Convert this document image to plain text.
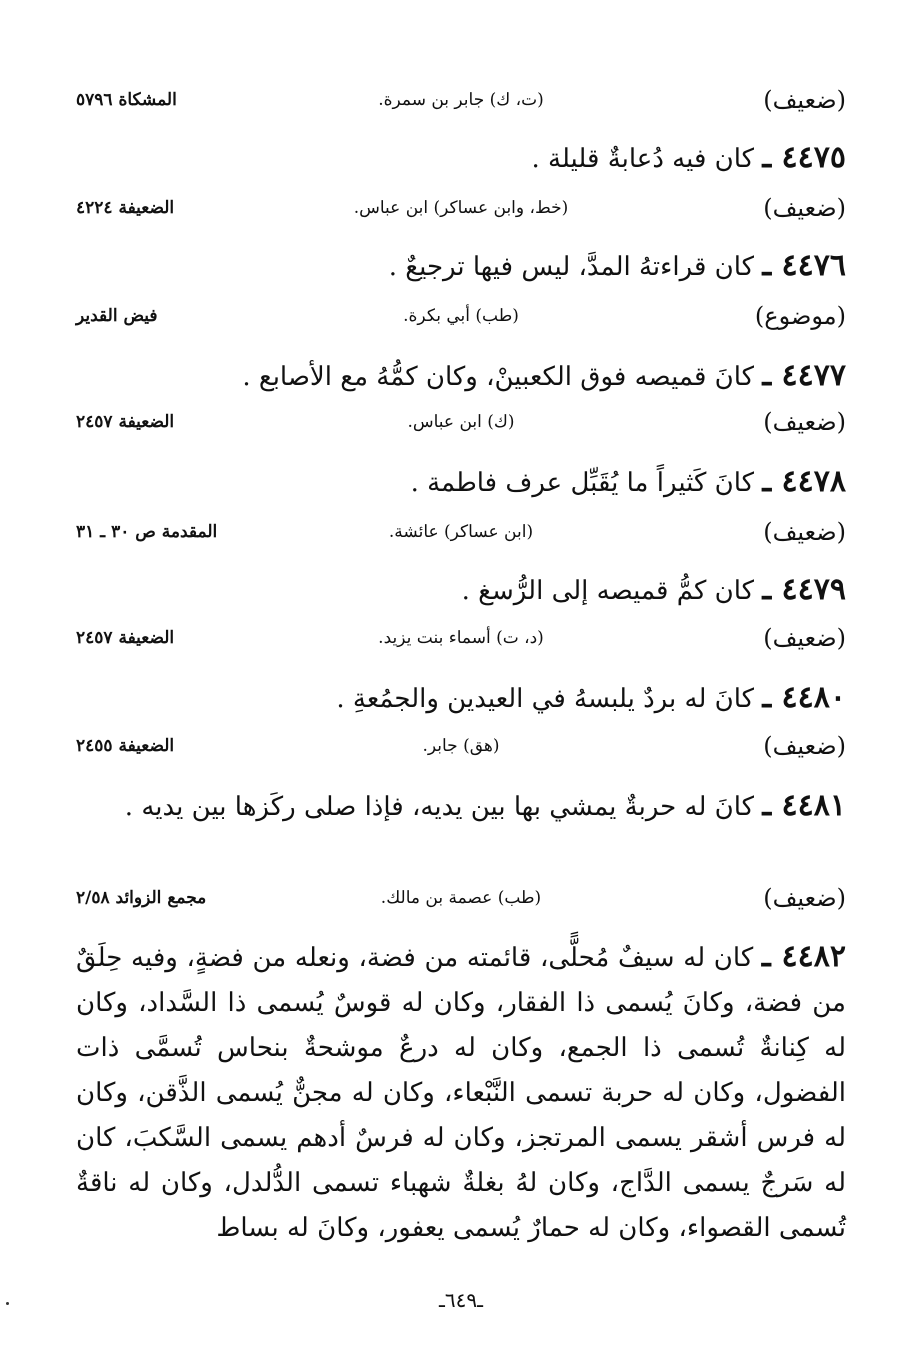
(ضعيف)
(ت، ك) جابر بن سمرة.
المشكاة ٥٧٩٦
٤٤٧٥ ـ كان فيه دُعابةٌ قليلة .
(ضعيف)
(خط، وابن عساكر) ابن عباس.
الضعيفة ٤٢٢٤
٤٤٧٦ ـ كان قراءتهُ المدَّ، ليس فيها ترجيعٌ .
(موضوع)
(طب) أبي بكرة.
فيض القدير
٤٤٧٧ ـ كانَ قميصه فوق الكعبينْ، وكان كمُّهُ مع الأصابع .
(ضعيف)
(ك) ابن عباس.
الضعيفة ٢٤٥٧
٤٤٧٨ ـ كانَ كَثيراً ما يُقَبِّل عرف فاطمة .
(ضعيف)
(ابن عساكر) عائشة.
المقدمة ص ٣٠ ـ ٣١
٤٤٧٩ ـ كان كمُّ قميصه إلى الرُّسغ .
(ضعيف)
(د، ت) أسماء بنت يزيد.
الضعيفة ٢٤٥٧
٤٤٨٠ ـ كانَ له بردٌ يلبسهُ في العيدين والجمُعةِ .
(ضعيف)
(هق) جابر.
الضعيفة ٢٤٥٥
٤٤٨١ ـ كانَ له حربةٌ يمشي بها بين يديه، فإذا صلى ركَزها بين يديه .
(ضعيف)
(طب) عصمة بن مالك.
مجمع الزوائد ٢/٥٨
٤٤٨٢ ـ كان له سيفٌ مُحلًّى، قائمته من فضة، ونعله من فضةٍ، وفيه حِلَقٌ من فضة، وكانَ يُسمى ذا الفقار، وكان له قوسٌ يُسمى ذا السَّداد، وكان له كِنانةٌ تُسمى ذا الجمع، وكان له درعٌ موشحةٌ بنحاس تُسمَّى ذات الفضول، وكان له حربة تسمى النَّبْعاء، وكان له مجنٌّ يُسمى الذَّقن، وكان له فرس أشقر يسمى المرتجز، وكان له فرسٌ أدهم يسمى السَّكبَ، كان له سَرجٌ يسمى الدَّاج، وكان لهُ بغلةٌ شهباء تسمى الدُّلدل، وكان له ناقةٌ تُسمى القصواء، وكان له حمارٌ يُسمى يعفور، وكانَ له بساط
ـ٦٤٩ـ
